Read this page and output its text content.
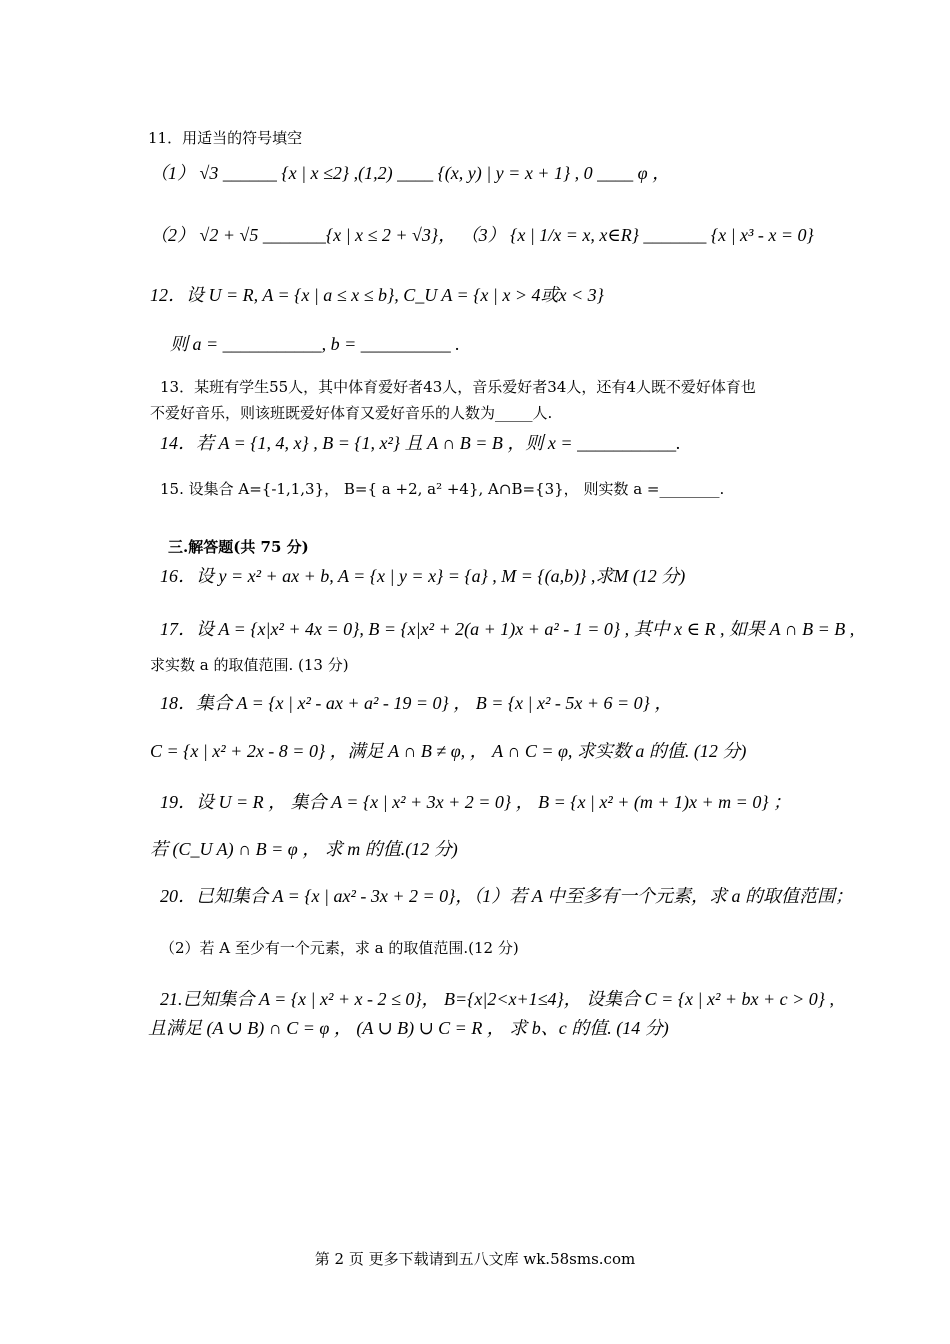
11．用适当的符号填空
（1） √3 ______ {x | x ≤2} ,(1,2) ____ {(x, y) | y = x + 1} , 0 ____ φ ，
（2） √2 + √5 _______{x | x ≤ 2 + √3}， （3） {x | 1/x = x, x∈R} _______ {x | x³ - x = 0}
12．设 U = R, A = {x | a ≤ x ≤ b}, C_U A = {x | x > 4或x < 3}
则 a = ___________, b = __________ .
13．某班有学生55人，其中体育爱好者43人，音乐爱好者34人，还有4人既不爱好体育也
不爱好音乐，则该班既爱好体育又爱好音乐的人数为_____人.
14．若 A = {1, 4, x} , B = {1, x²} 且 A ∩ B = B ，则 x = ___________.
15. 设集合 A={-1,1,3}， B={ a +2, a² +4}, A∩B={3}， 则实数 a =________.
三.解答题(共 75 分)
16．设 y = x² + ax + b, A = {x | y = x} = {a} , M = {(a,b)} ,求M (12 分)
17．设 A = {x|x² + 4x = 0}, B = {x|x² + 2(a + 1)x + a² - 1 = 0} , 其中 x ∈ R , 如果 A ∩ B = B ,
求实数 a 的取值范围. (13 分)
18．集合 A = {x | x² - ax + a² - 19 = 0} ， B = {x | x² - 5x + 6 = 0} ，
C = {x | x² + 2x - 8 = 0} ，满足 A ∩ B ≠ φ, ， A ∩ C = φ, 求实数 a 的值. (12 分)
19．设 U = R ， 集合 A = {x | x² + 3x + 2 = 0} ， B = {x | x² + (m + 1)x + m = 0} ；
若 (C_U A) ∩ B = φ ， 求 m 的值.(12 分)
20．已知集合 A = {x | ax² - 3x + 2 = 0}，（1）若 A 中至多有一个元素，求 a 的取值范围；
（2）若 A 至少有一个元素，求 a 的取值范围.(12 分)
21.已知集合 A = {x | x² + x - 2 ≤ 0}， B={x|2<x+1≤4}， 设集合 C = {x | x² + bx + c > 0} ,
且满足 (A ∪ B) ∩ C = φ ， (A ∪ B) ∪ C = R ， 求 b、c 的值. (14 分)
第 2 页 更多下载请到五八文库 wk.58sms.com
